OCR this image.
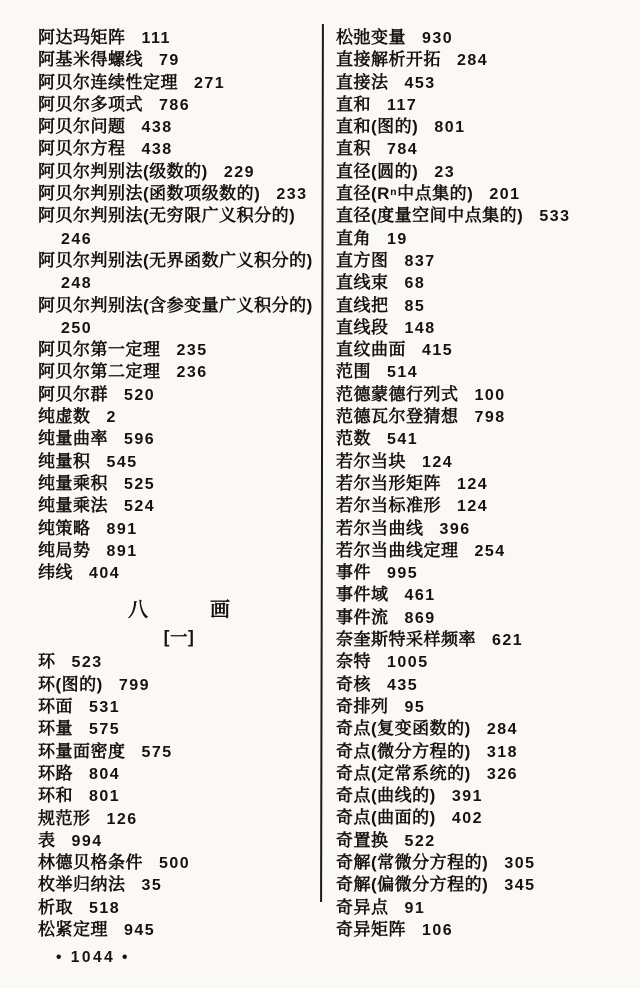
阿达玛矩阵 111
阿基米得螺线 79
阿贝尔连续性定理 271
阿贝尔多项式 786
阿贝尔问题 438
阿贝尔方程 438
阿贝尔判别法(级数的) 229
阿贝尔判别法(函数项级数的) 233
阿贝尔判别法(无穷限广义积分的)
246
阿贝尔判别法(无界函数广义积分的)
248
阿贝尔判别法(含参变量广义积分的)
250
阿贝尔第一定理 235
阿贝尔第二定理 236
阿贝尔群 520
纯虚数 2
纯量曲率 596
纯量积 545
纯量乘积 525
纯量乘法 524
纯策略 891
纯局势 891
纬线 404
八画
[一]
环 523
环(图的) 799
环面 531
环量 575
环量面密度 575
环路 804
环和 801
规范形 126
表 994
林德贝格条件 500
枚举归纳法 35
析取 518
松紧定理 945
松弛变量 930
直接解析开拓 284
直接法 453
直和 117
直和(图的) 801
直积 784
直径(圆的) 23
直径(Rⁿ中点集的) 201
直径(度量空间中点集的) 533
直角 19
直方图 837
直线束 68
直线把 85
直线段 148
直纹曲面 415
范围 514
范德蒙德行列式 100
范德瓦尔登猜想 798
范数 541
若尔当块 124
若尔当形矩阵 124
若尔当标准形 124
若尔当曲线 396
若尔当曲线定理 254
事件 995
事件域 461
事件流 869
奈奎斯特采样频率 621
奈特 1005
奇核 435
奇排列 95
奇点(复变函数的) 284
奇点(微分方程的) 318
奇点(定常系统的) 326
奇点(曲线的) 391
奇点(曲面的) 402
奇置换 522
奇解(常微分方程的) 305
奇解(偏微分方程的) 345
奇异点 91
奇异矩阵 106
• 1044 •
